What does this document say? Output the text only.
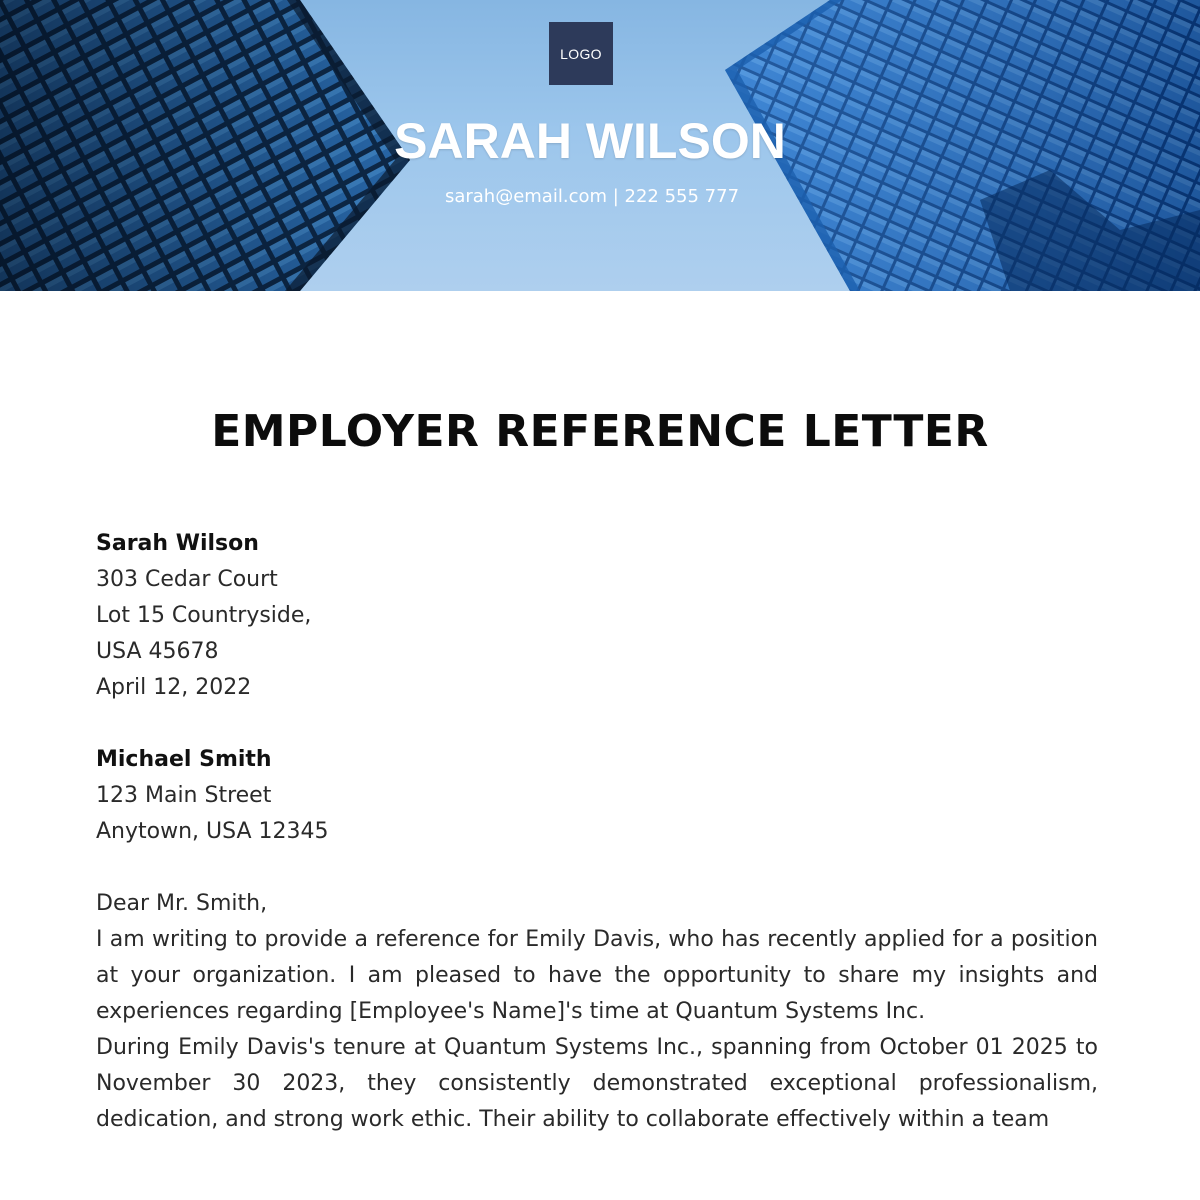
LOGO
SARAH WILSON
sarah@email.com | 222 555 777
EMPLOYER REFERENCE LETTER

Sarah Wilson

303 Cedar Court

Lot 15 Countryside,

USA 45678

April 12, 2022

Michael Smith

123 Main Street

Anytown, USA 12345

Dear Mr. Smith,

I am writing to provide a reference for Emily Davis, who has recently applied for a position at your organization. I am pleased to have the opportunity to share my insights and experiences regarding [Employee's Name]'s time at Quantum Systems Inc.

During Emily Davis's tenure at Quantum Systems Inc., spanning from October 01 2025 to November 30 2023, they consistently demonstrated exceptional professionalism, dedication, and strong work ethic. Their ability to collaborate effectively within a team
